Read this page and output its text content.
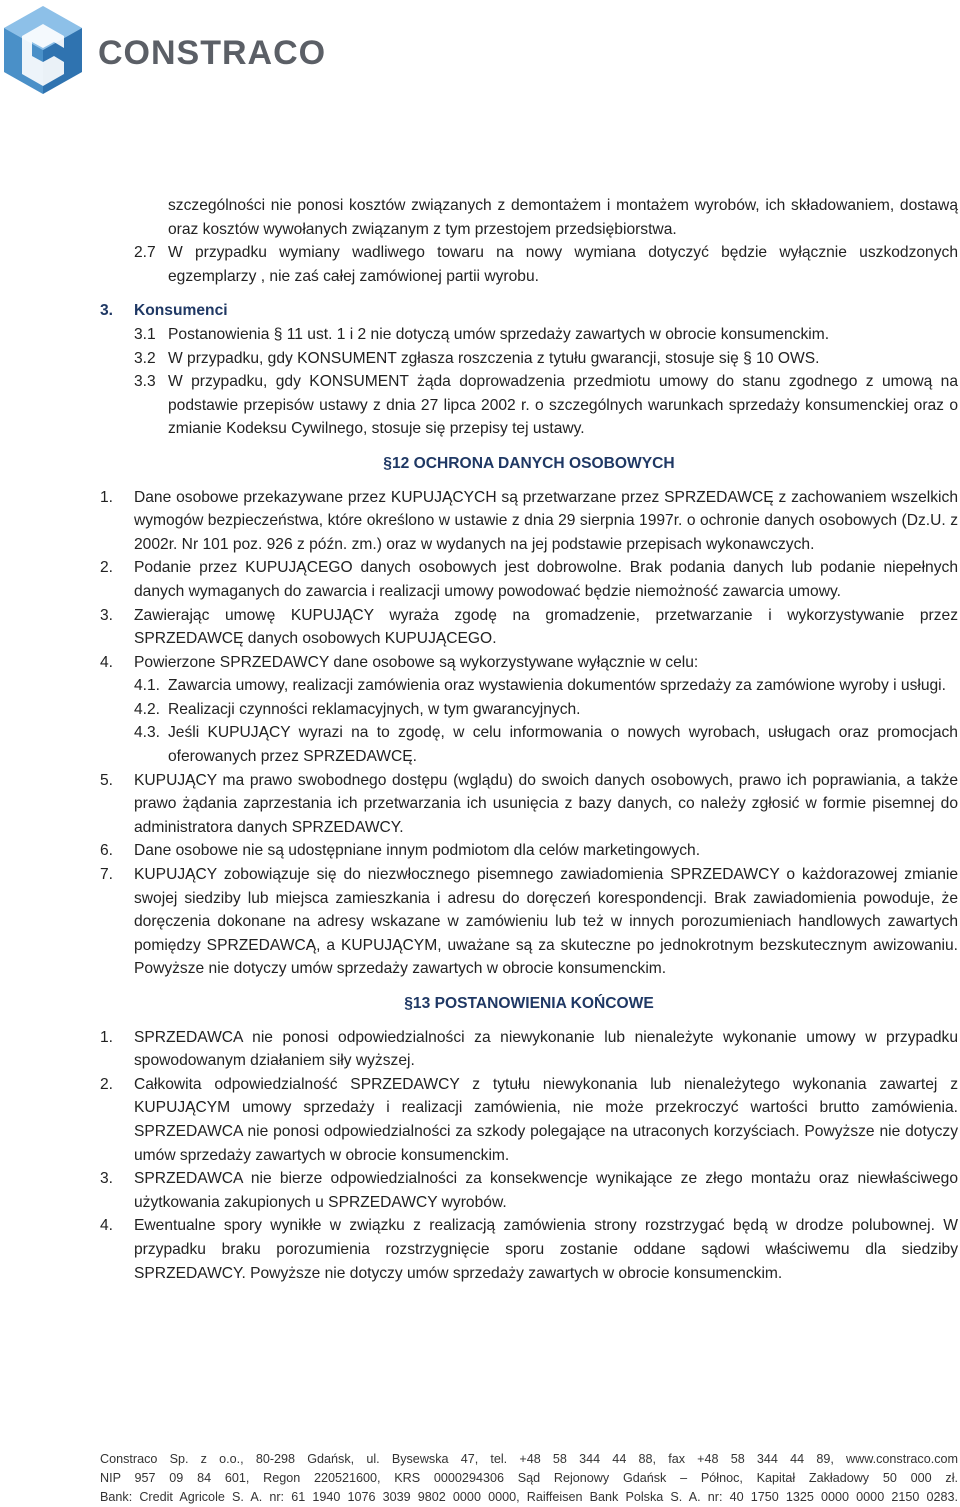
CONSTRACO

szczególności nie ponosi kosztów związanych z demontażem i montażem wyrobów, ich składowaniem, dostawą oraz kosztów wywołanych związanym z tym przestojem przedsiębiorstwa.

2.7 W przypadku wymiany wadliwego towaru na nowy wymiana dotyczyć będzie wyłącznie uszkodzonych egzemplarzy , nie zaś całej zamówionej partii wyrobu.
3.	Konsumenci
3.1 Postanowienia § 11 ust. 1 i 2 nie dotyczą umów sprzedaży zawartych w obrocie konsumenckim.
3.2 W przypadku, gdy KONSUMENT zgłasza roszczenia z tytułu gwarancji, stosuje się § 10 OWS.
3.3 W przypadku, gdy KONSUMENT żąda doprowadzenia przedmiotu umowy do stanu zgodnego z umową na podstawie przepisów ustawy z dnia 27 lipca 2002 r. o szczególnych warunkach sprzedaży konsumenckiej oraz o zmianie Kodeksu Cywilnego, stosuje się przepisy tej ustawy.

§12 OCHRONA DANYCH OSOBOWYCH

1.	Dane osobowe przekazywane przez KUPUJĄCYCH są przetwarzane przez SPRZEDAWCĘ z zachowaniem wszelkich wymogów bezpieczeństwa, które określono w ustawie z dnia 29 sierpnia 1997r. o ochronie danych osobowych (Dz.U. z 2002r. Nr 101 poz. 926 z późn. zm.) oraz w wydanych na jej podstawie przepisach wykonawczych.
2.	Podanie przez KUPUJĄCEGO danych osobowych jest dobrowolne. Brak podania danych lub podanie niepełnych danych wymaganych do zawarcia i realizacji umowy powodować będzie niemożność zawarcia umowy.
3.	Zawierając umowę KUPUJĄCY wyraża zgodę na gromadzenie, przetwarzanie i wykorzystywanie przez SPRZEDAWCĘ danych osobowych KUPUJĄCEGO.
4.	Powierzone SPRZEDAWCY dane osobowe są wykorzystywane wyłącznie w celu:
4.1. Zawarcia umowy, realizacji zamówienia oraz wystawienia dokumentów sprzedaży za zamówione wyroby i usługi.
4.2. Realizacji czynności reklamacyjnych, w tym gwarancyjnych.
4.3. Jeśli KUPUJĄCY wyrazi na to zgodę, w celu informowania o nowych wyrobach, usługach oraz promocjach oferowanych przez SPRZEDAWCĘ.
5.	KUPUJĄCY ma prawo swobodnego dostępu (wglądu) do swoich danych osobowych, prawo ich poprawiania, a także prawo żądania zaprzestania ich przetwarzania ich usunięcia z bazy danych, co należy zgłosić w formie pisemnej do administratora danych SPRZEDAWCY.
6.	Dane osobowe nie są udostępniane innym podmiotom dla celów marketingowych.
7.	KUPUJĄCY zobowiązuje się do niezwłocznego pisemnego zawiadomienia SPRZEDAWCY o każdorazowej zmianie swojej siedziby lub miejsca zamieszkania i adresu do doręczeń korespondencji. Brak zawiadomienia powoduje, że doręczenia dokonane na adresy wskazane w zamówieniu lub też w innych porozumieniach handlowych zawartych pomiędzy SPRZEDAWCĄ, a KUPUJĄCYM, uważane są za skuteczne po jednokrotnym bezskutecznym awizowaniu. Powyższe nie dotyczy umów sprzedaży zawartych w obrocie konsumenckim.

§13 POSTANOWIENIA KOŃCOWE

1.	SPRZEDAWCA nie ponosi odpowiedzialności za niewykonanie lub nienależyte wykonanie umowy w przypadku spowodowanym działaniem siły wyższej.
2.	Całkowita odpowiedzialność SPRZEDAWCY z tytułu niewykonania lub nienależytego wykonania zawartej z KUPUJĄCYM umowy sprzedaży i realizacji zamówienia, nie może przekroczyć wartości brutto zamówienia. SPRZEDAWCA nie ponosi odpowiedzialności za szkody polegające na utraconych korzyściach. Powyższe nie dotyczy umów sprzedaży zawartych w obrocie konsumenckim.
3.	SPRZEDAWCA nie bierze odpowiedzialności za konsekwencje wynikające ze złego montażu oraz niewłaściwego użytkowania zakupionych u SPRZEDAWCY wyrobów.
4.	Ewentualne spory wynikłe w związku z realizacją zamówienia strony rozstrzygać będą w drodze polubownej. W przypadku braku porozumienia rozstrzygnięcie sporu zostanie oddane sądowi właściwemu dla siedziby SPRZEDAWCY. Powyższe nie dotyczy umów sprzedaży zawartych w obrocie konsumenckim.
Constraco Sp. z o.o., 80-298 Gdańsk, ul. Bysewska 47, tel. +48 58 344 44 88, fax +48 58 344 44 89, www.constraco.com
NIP 957 09 84 601, Regon 220521600, KRS 0000294306 Sąd Rejonowy Gdańsk – Północ, Kapitał Zakładowy 50 000 zł.
Bank: Credit Agricole S. A. nr: 61 1940 1076 3039 9802 0000 0000, Raiffeisen Bank Polska S. A. nr: 40 1750 1325 0000 0000 2150 0283.
